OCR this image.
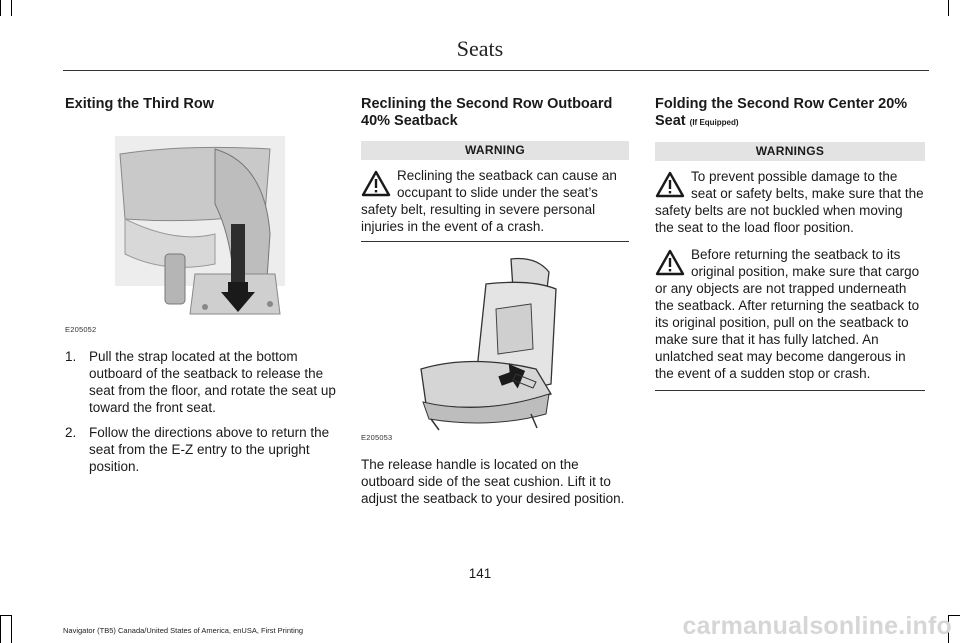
Seats
Exiting the Third Row
E205052
1. Pull the strap located at the bottom outboard of the seatback to release the seat from the floor, and rotate the seat up toward the front seat.
2. Follow the directions above to return the seat from the E-Z entry to the upright position.
Reclining the Second Row Outboard
40% Seatback
WARNING
Reclining the seatback can cause an occupant to slide under the seat’s safety belt, resulting in severe personal injuries in the event of a crash.
E205053

The release handle is located on the outboard side of the seat cushion. Lift it to adjust the seatback to your desired position.

Folding the Second Row Center 20%
Seat (If Equipped)
WARNINGS
To prevent possible damage to the seat or safety belts, make sure that the safety belts are not buckled when moving the seat to the load floor position.
Before returning the seatback to its original position, make sure that cargo or any objects are not trapped underneath the seatback. After returning the seatback to its original position, pull on the seatback to make sure that it has fully latched. An unlatched seat may become dangerous in the event of a sudden stop or crash.
141
Navigator (TB5) Canada/United States of America, enUSA, First Printing	carmanualsonline.info
